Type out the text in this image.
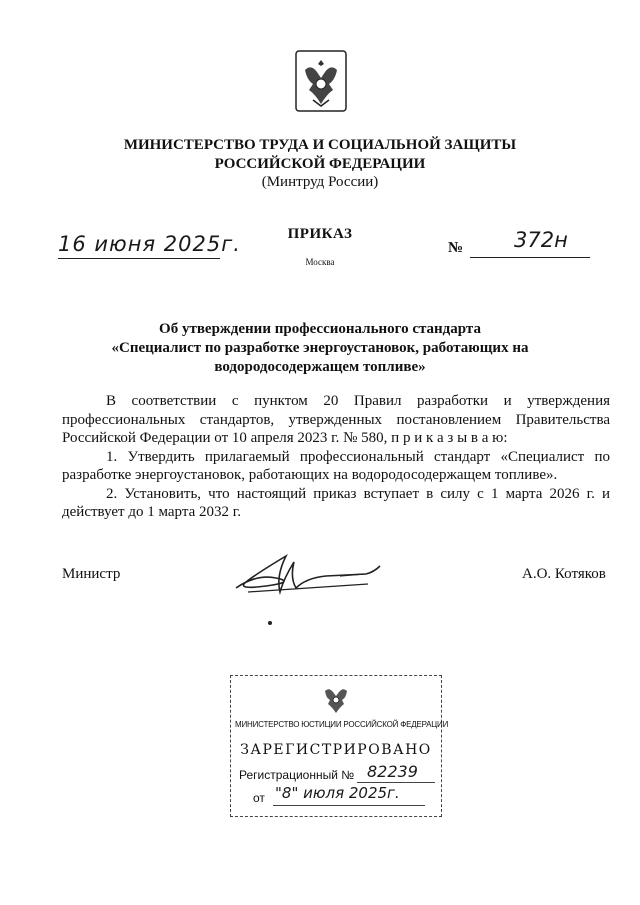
МИНИСТЕРСТВО ТРУДА И СОЦИАЛЬНОЙ ЗАЩИТЫ
РОССИЙСКОЙ ФЕДЕРАЦИИ
(Минтруд России)
16 июня 2025г.	ПРИКАЗ
Москва
№ 372н
Об утверждении профессионального стандарта
«Специалист по разработке энергоустановок, работающих на
водородосодержащем топливе»

В соответствии с пунктом 20 Правил разработки и утверждения профессиональных стандартов, утвержденных постановлением Правительства Российской Федерации от 10 апреля 2023 г. № 580, п р и к а з ы в а ю:

1. Утвердить прилагаемый профессиональный стандарт «Специалист по разработке энергоустановок, работающих на водородосодержащем топливе».

2. Установить, что настоящий приказ вступает в силу с 1 марта 2026 г. и действует до 1 марта 2032 г.

Министр	А.О. Котяков
МИНИСТЕРСТВО ЮСТИЦИИ РОССИЙСКОЙ ФЕДЕРАЦИИ
ЗАРЕГИСТРИРОВАНО
Регистрационный № 82239
от "8" июля 2025г.
